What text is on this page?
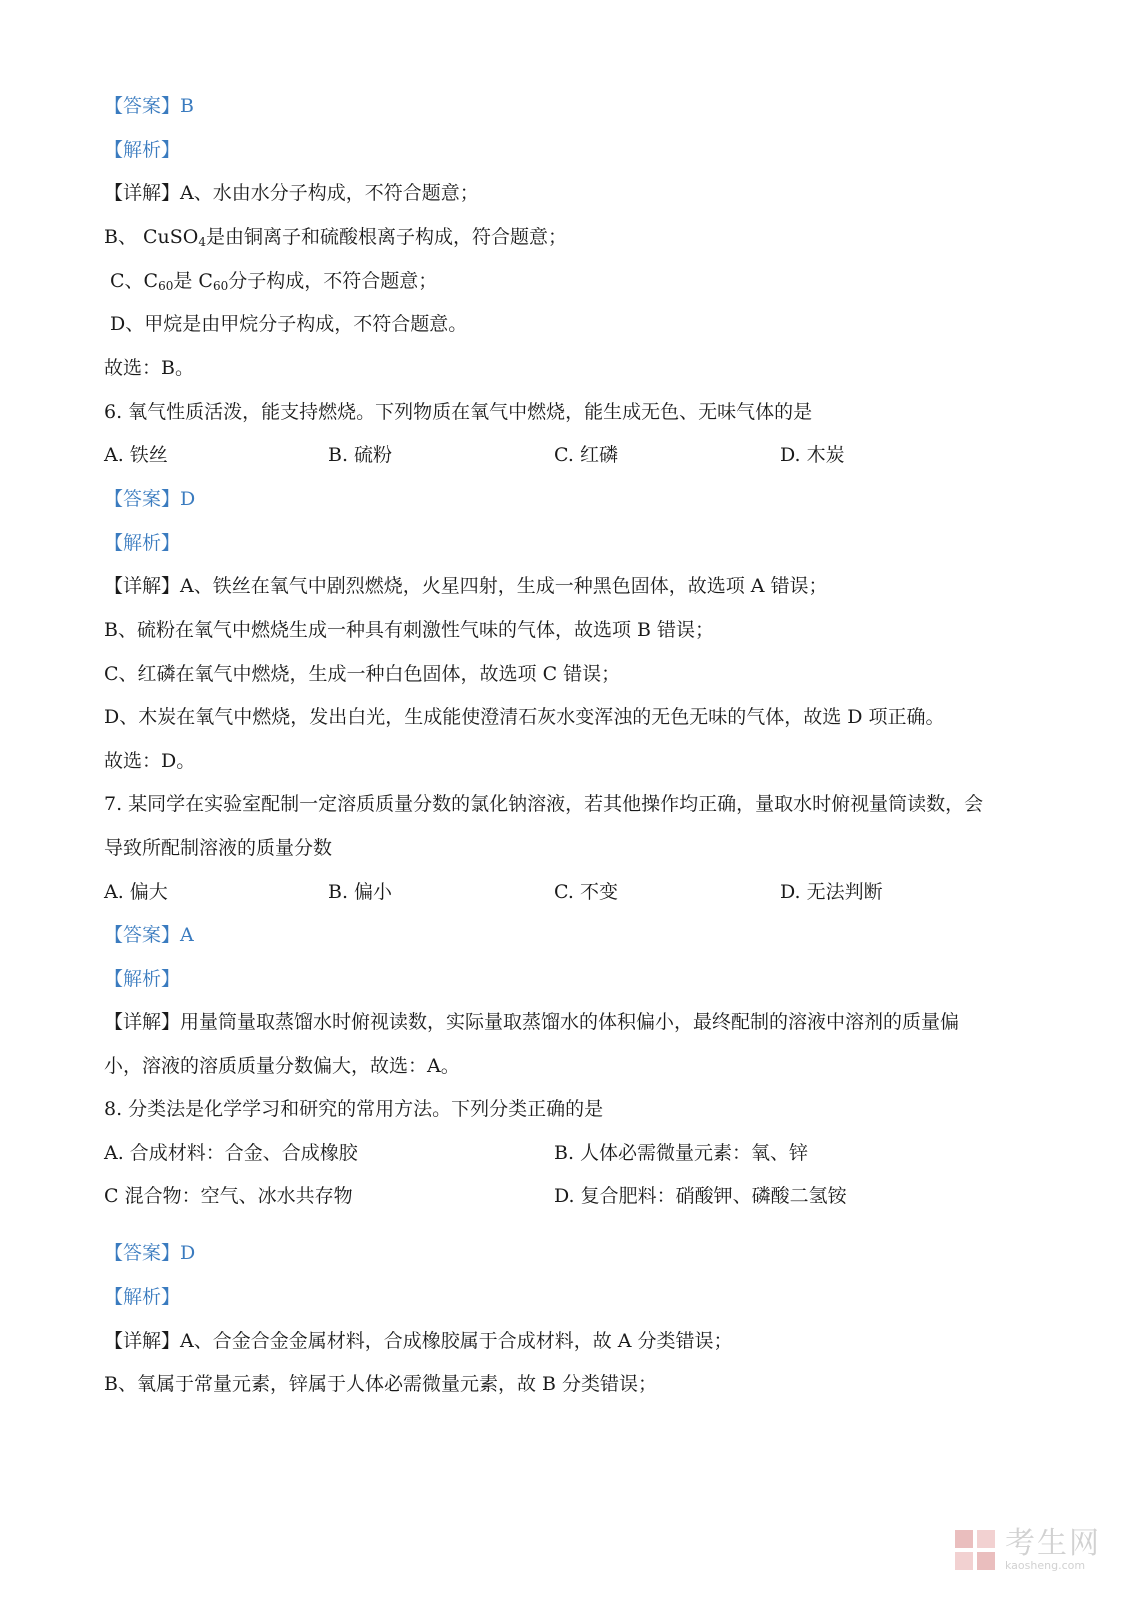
【答案】B
【解析】
【详解】A、水由水分子构成，不符合题意；
B、 CuSO$_4$是由铜离子和硫酸根离子构成，符合题意；
C、$C_{60}$是 $C_{60}$分子构成，不符合题意；
D、甲烷是由甲烷分子构成，不符合题意。
故选：B。
6. 氧气性质活泼，能支持燃烧。下列物质在氧气中燃烧，能生成无色、无味气体的是
A. 铁丝	B. 硫粉	C. 红磷	D. 木炭
【答案】D
【解析】
【详解】A、铁丝在氧气中剧烈燃烧，火星四射，生成一种黑色固体，故选项 A 错误；
B、硫粉在氧气中燃烧生成一种具有刺激性气味的气体，故选项 B 错误；
C、红磷在氧气中燃烧，生成一种白色固体，故选项 C 错误；
D、木炭在氧气中燃烧，发出白光，生成能使澄清石灰水变浑浊的无色无味的气体，故选 D 项正确。
故选：D。
7. 某同学在实验室配制一定溶质质量分数的氯化钠溶液，若其他操作均正确，量取水时俯视量筒读数，会
导致所配制溶液的质量分数
A. 偏大	B. 偏小	C. 不变	D. 无法判断
【答案】A
【解析】
【详解】用量筒量取蒸馏水时俯视读数，实际量取蒸馏水的体积偏小，最终配制的溶液中溶剂的质量偏
小，溶液的溶质质量分数偏大，故选：A。
8. 分类法是化学学习和研究的常用方法。下列分类正确的是
A. 合成材料：合金、合成橡胶	B. 人体必需微量元素：氧、锌
C 混合物：空气、冰水共存物	D. 复合肥料：硝酸钾、磷酸二氢铵
【答案】D
【解析】
【详解】A、合金合金金属材料，合成橡胶属于合成材料，故 A 分类错误；
B、氧属于常量元素，锌属于人体必需微量元素，故 B 分类错误；
考生网
kaosheng.com
